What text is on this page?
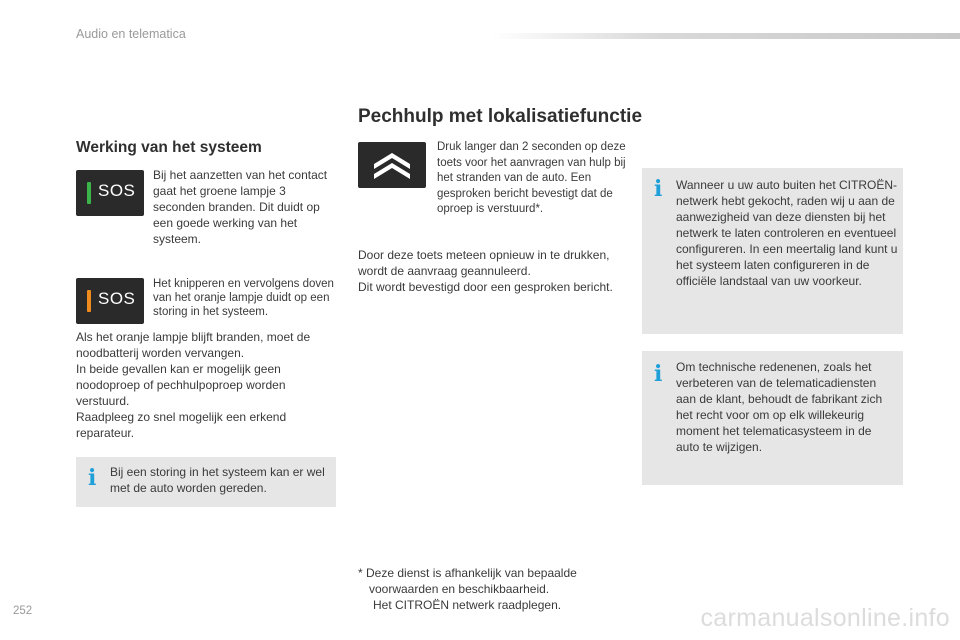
Audio en telematica
Werking van het systeem
SOS
Bij het aanzetten van het contact gaat het groene lampje 3 seconden branden. Dit duidt op een goede werking van het systeem.
SOS
Het knipperen en vervolgens doven van het oranje lampje duidt op een storing in het systeem.
Als het oranje lampje blijft branden, moet de noodbatterij worden vervangen.
In beide gevallen kan er mogelijk geen noodoproep of pechhulpoproep worden verstuurd.
Raadpleeg zo snel mogelijk een erkend reparateur.
i Bij een storing in het systeem kan er wel met de auto worden gereden.
Pechhulp met lokalisatiefunctie
Druk langer dan 2 seconden op deze toets voor het aanvragen van hulp bij het stranden van de auto. Een gesproken bericht bevestigt dat de oproep is verstuurd*.
Door deze toets meteen opnieuw in te drukken, wordt de aanvraag geannuleerd.
Dit wordt bevestigd door een gesproken bericht.
* Deze dienst is afhankelijk van bepaalde
voorwaarden en beschikbaarheid.
Het CITROËN netwerk raadplegen.
i Wanneer u uw auto buiten het CITROËN-netwerk hebt gekocht, raden wij u aan de aanwezigheid van deze diensten bij het netwerk te laten controleren en eventueel configureren. In een meertalig land kunt u het systeem laten configureren in de officiële landstaal van uw voorkeur.
i Om technische redenenen, zoals het verbeteren van de telematicadiensten aan de klant, behoudt de fabrikant zich het recht voor om op elk willekeurig moment het telematicasysteem in de auto te wijzigen.
252	carmanualsonline.info
